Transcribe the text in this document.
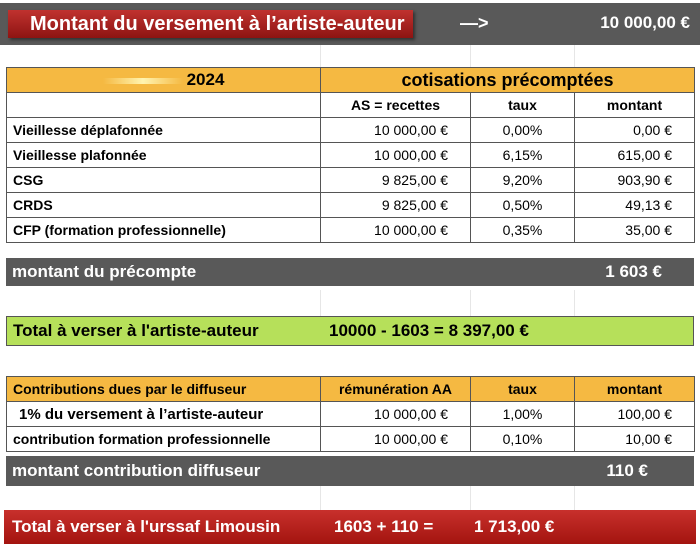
Montant du versement à l’artiste-auteur	—>	10 000,00 €
2024	cotisations précomptées		
	AS = recettes	taux	montant
Vieillesse déplafonnée	10 000,00 €	0,00%	0,00 €
Vieillesse plafonnée	10 000,00 €	6,15%	615,00 €
CSG	9 825,00 €	9,20%	903,90 €
CRDS	9 825,00 €	0,50%	49,13 €
CFP (formation professionnelle)	10 000,00 €	0,35%	35,00 €
montant du précompte	1 603 €
Total à verser à l'artiste-auteur	10000 - 1603 = 8 397,00 €
Contributions dues par le diffuseur	rémunération AA	taux	montant
1% du versement à l’artiste-auteur	10 000,00 €	1,00%	100,00 €
contribution formation professionnelle	10 000,00 €	0,10%	10,00 €
montant contribution diffuseur	110 €
Total à verser à l'urssaf Limousin	1603 + 110 = 1 713,00 €
